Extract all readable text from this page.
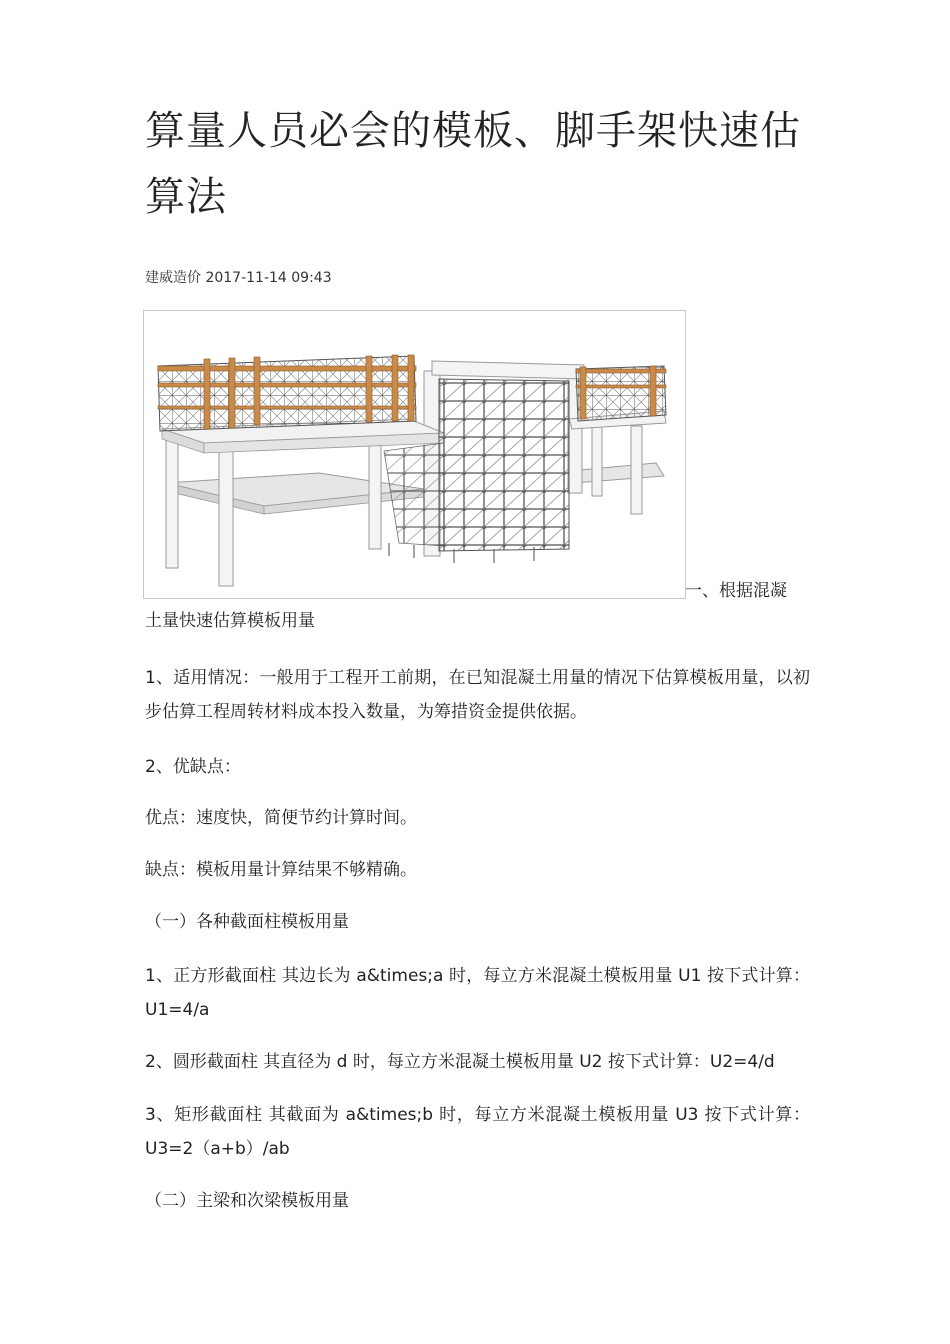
算量人员必会的模板、脚手架快速估算法
建威造价 2017-11-14 09:43
一、根据混凝

土量快速估算模板用量

1、适用情况：一般用于工程开工前期，在已知混凝土用量的情况下估算模板用量，以初步估算工程周转材料成本投入数量，为筹措资金提供依据。

2、优缺点：

优点：速度快，简便节约计算时间。

缺点：模板用量计算结果不够精确。

（一）各种截面柱模板用量

1、正方形截面柱 其边长为 a&times;a 时，每立方米混凝土模板用量 U1 按下式计算：U1=4/a

2、圆形截面柱 其直径为 d 时，每立方米混凝土模板用量 U2 按下式计算：U2=4/d

3、矩形截面柱 其截面为 a&times;b 时，每立方米混凝土模板用量 U3 按下式计算：U3=2（a+b）/ab

（二）主梁和次梁模板用量
